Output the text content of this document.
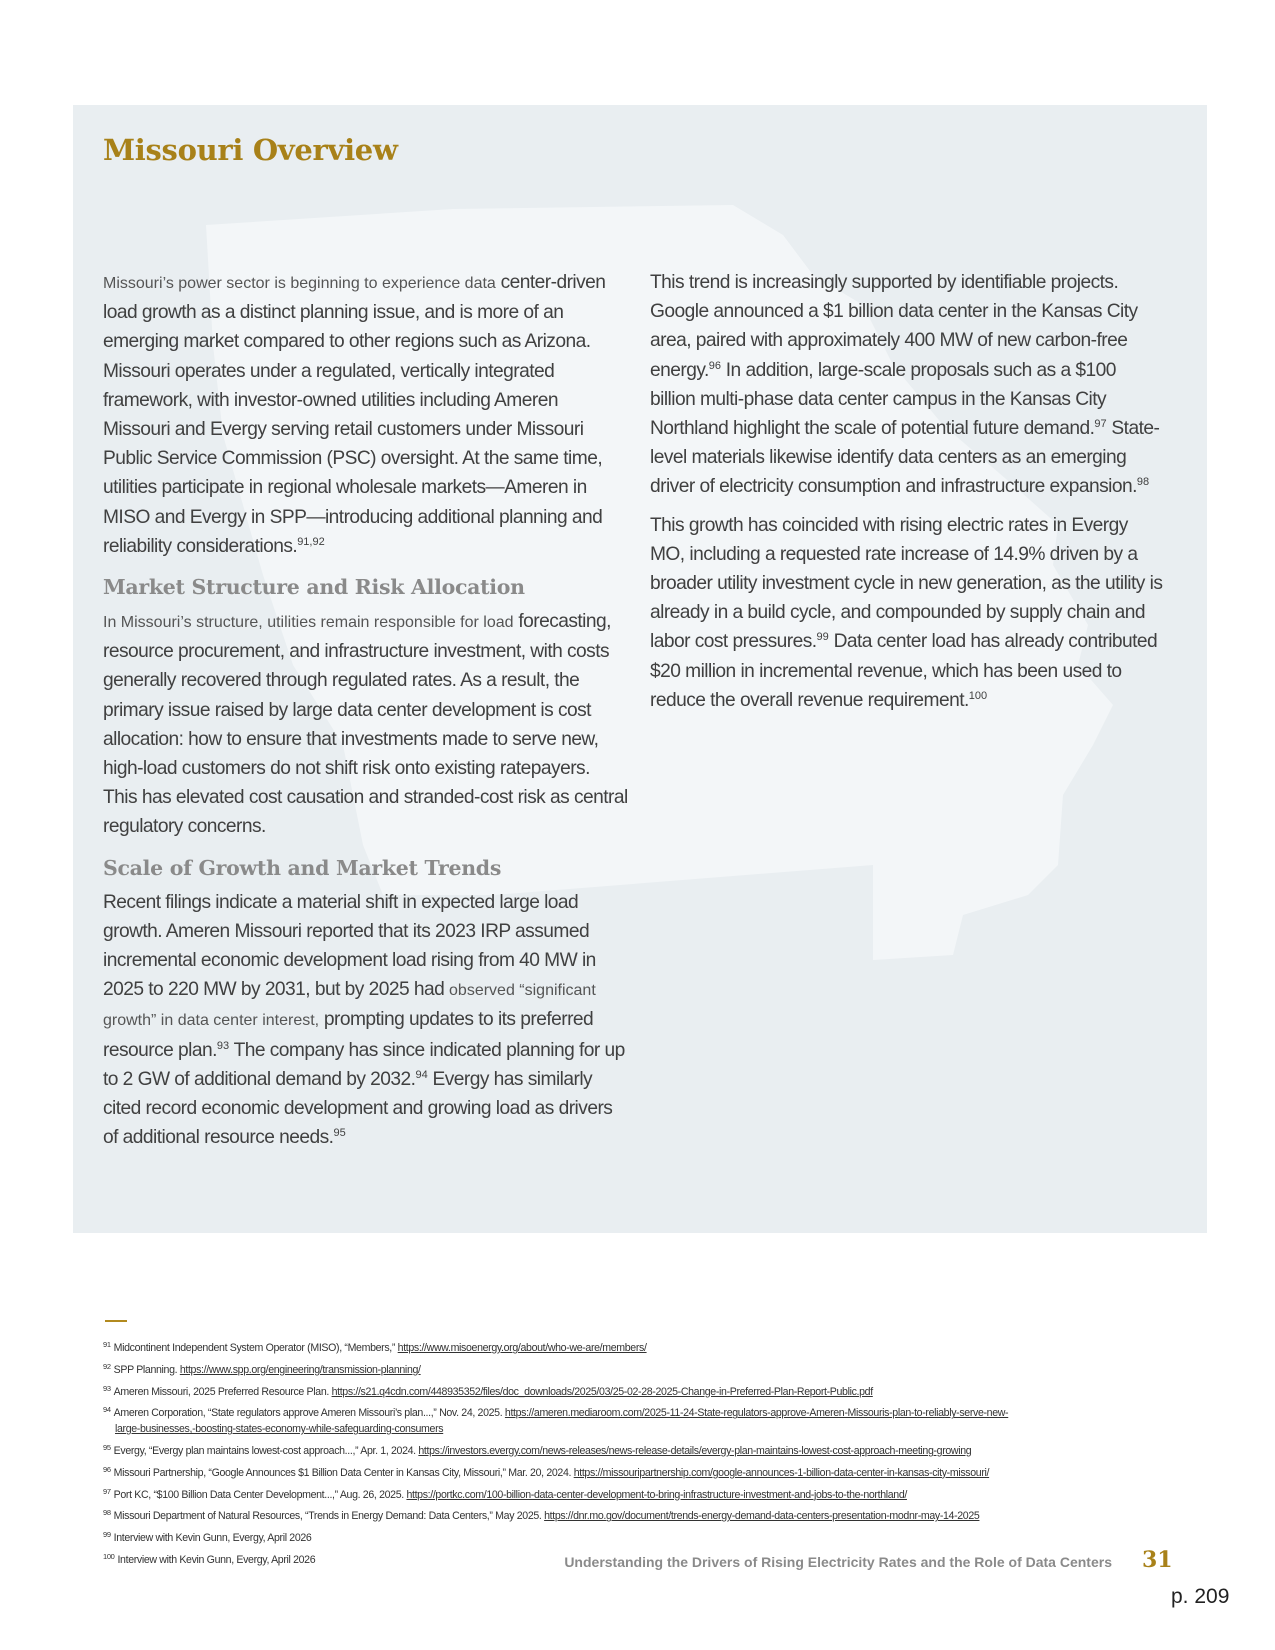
Missouri Overview

Missouri’s power sector is beginning to experience data center-driven load growth as a distinct planning issue, and is more of an emerging market compared to other regions such as Arizona. Missouri operates under a regulated, vertically integrated framework, with investor-owned utilities including Ameren Missouri and Evergy serving retail customers under Missouri Public Service Commission (PSC) oversight. At the same time, utilities participate in regional wholesale markets—Ameren in MISO and Evergy in SPP—introducing additional planning and reliability considerations.$^{91,92}$

Market Structure and Risk Allocation

In Missouri’s structure, utilities remain responsible for load forecasting, resource procurement, and infrastructure investment, with costs generally recovered through regulated rates. As a result, the primary issue raised by large data center development is cost allocation: how to ensure that investments made to serve new, high-load customers do not shift risk onto existing ratepayers. This has elevated cost causation and stranded-cost risk as central regulatory concerns.

Scale of Growth and Market Trends

Recent filings indicate a material shift in expected large load growth. Ameren Missouri reported that its 2023 IRP assumed incremental economic development load rising from 40 MW in 2025 to 220 MW by 2031, but by 2025 had observed “significant growth” in data center interest, prompting updates to its preferred resource plan.$^{93}$ The company has since indicated planning for up to 2 GW of additional demand by 2032.94 Evergy has similarly cited record economic development and growing load as drivers of additional resource needs.$^{95}$

This trend is increasingly supported by identifiable projects. Google announced a $1 billion data center in the Kansas City area, paired with approximately 400 MW of new carbon-free energy.$^{96}$ In addition, large-scale proposals such as a $100 billion multi-phase data center campus in the Kansas City Northland highlight the scale of potential future demand.$^{97}$ State-level materials likewise identify data centers as an emerging driver of electricity consumption and infrastructure expansion.$^{98}$

This growth has coincided with rising electric rates in Evergy MO, including a requested rate increase of 14.9% driven by a broader utility investment cycle in new generation, as the utility is already in a build cycle, and compounded by supply chain and labor cost pressures.$^{99}$ Data center load has already contributed $20 million in incremental revenue, which has been used to reduce the overall revenue requirement.$^{100}$

$^{91}$ Midcontinent Independent System Operator (MISO), “Members,” https://www.misoenergy.org/about/who-we-are/members/
$^{92}$ SPP Planning. https://www.spp.org/engineering/transmission-planning/
$^{93}$ Ameren Missouri, 2025 Preferred Resource Plan. https://s21.q4cdn.com/448935352/files/doc_downloads/2025/03/25-02-28-2025-Change-in-Preferred-Plan-Report-Public.pdf
$^{94}$ Ameren Corporation, “State regulators approve Ameren Missouri’s plan...,” Nov. 24, 2025. https://ameren.mediaroom.com/2025-11-24-State-regulators-approve-Ameren-Missouris-plan-to-reliably-serve-new-
large-businesses,-boosting-states-economy-while-safeguarding-consumers
$^{95}$ Evergy, “Evergy plan maintains lowest-cost approach...,” Apr. 1, 2024. https://investors.evergy.com/news-releases/news-release-details/evergy-plan-maintains-lowest-cost-approach-meeting-growing
$^{96}$ Missouri Partnership, “Google Announces $1 Billion Data Center in Kansas City, Missouri,” Mar. 20, 2024. https://missouripartnership.com/google-announces-1-billion-data-center-in-kansas-city-missouri/
$^{97}$ Port KC, “$100 Billion Data Center Development...,” Aug. 26, 2025. https://portkc.com/100-billion-data-center-development-to-bring-infrastructure-investment-and-jobs-to-the-northland/
$^{98}$ Missouri Department of Natural Resources, “Trends in Energy Demand: Data Centers,” May 2025. https://dnr.mo.gov/document/trends-energy-demand-data-centers-presentation-modnr-may-14-2025
$^{99}$ Interview with Kevin Gunn, Evergy, April 2026
$^{100}$ Interview with Kevin Gunn, Evergy, April 2026	Understanding the Drivers of Rising Electricity Rates and the Role of Data Centers 31
p. 209
